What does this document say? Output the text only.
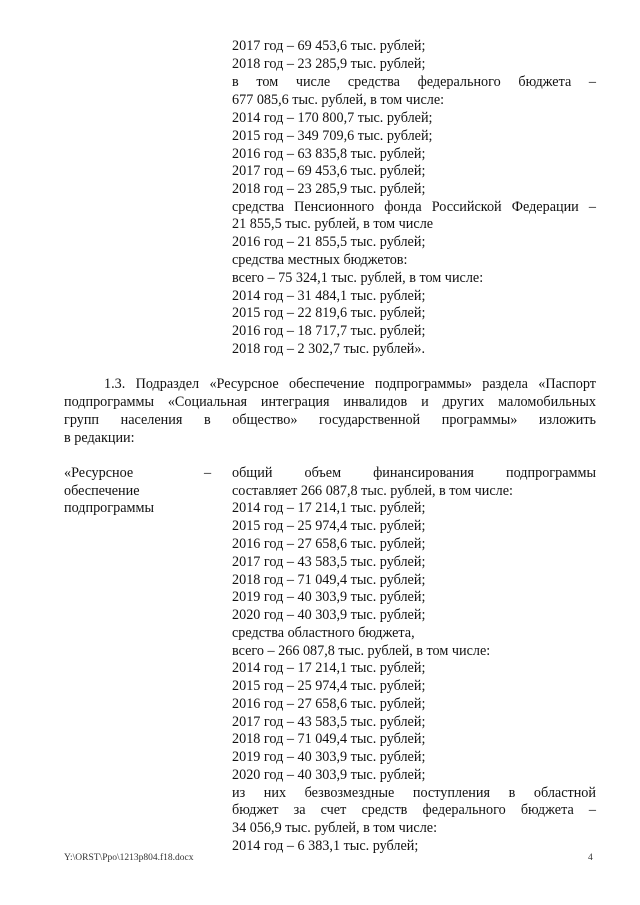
2017 год – 69 453,6 тыс. рублей;
2018 год – 23 285,9 тыс. рублей;
в том числе средства федерального бюджета –
677 085,6 тыс. рублей, в том числе:
2014 год – 170 800,7 тыс. рублей;
2015 год – 349 709,6 тыс. рублей;
2016 год – 63 835,8 тыс. рублей;
2017 год – 69 453,6 тыс. рублей;
2018 год – 23 285,9 тыс. рублей;
средства Пенсионного фонда Российской Федерации –
21 855,5 тыс. рублей, в том числе
2016 год – 21 855,5 тыс. рублей;
средства местных бюджетов:
всего – 75 324,1 тыс. рублей, в том числе:
2014 год – 31 484,1 тыс. рублей;
2015 год – 22 819,6 тыс. рублей;
2016 год – 18 717,7 тыс. рублей;
2018 год – 2 302,7 тыс. рублей».
1.3. Подраздел «Ресурсное обеспечение подпрограммы» раздела «Паспорт
подпрограммы «Социальная интеграция инвалидов и других маломобильных
групп населения в общество» государственной программы» изложить
в редакции:
«Ресурсное	–
обеспечение
подпрограммы
общий объем финансирования подпрограммы
составляет 266 087,8 тыс. рублей, в том числе:
2014 год – 17 214,1 тыс. рублей;
2015 год – 25 974,4 тыс. рублей;
2016 год – 27 658,6 тыс. рублей;
2017 год – 43 583,5 тыс. рублей;
2018 год – 71 049,4 тыс. рублей;
2019 год – 40 303,9 тыс. рублей;
2020 год – 40 303,9 тыс. рублей;
средства областного бюджета,
всего – 266 087,8 тыс. рублей, в том числе:
2014 год – 17 214,1 тыс. рублей;
2015 год – 25 974,4 тыс. рублей;
2016 год – 27 658,6 тыс. рублей;
2017 год – 43 583,5 тыс. рублей;
2018 год – 71 049,4 тыс. рублей;
2019 год – 40 303,9 тыс. рублей;
2020 год – 40 303,9 тыс. рублей;
из них безвозмездные поступления в областной
бюджет за счет средств федерального бюджета –
34 056,9 тыс. рублей, в том числе:
2014 год – 6 383,1 тыс. рублей;
Y:\ORST\Ppo\1213p804.f18.docx	4
